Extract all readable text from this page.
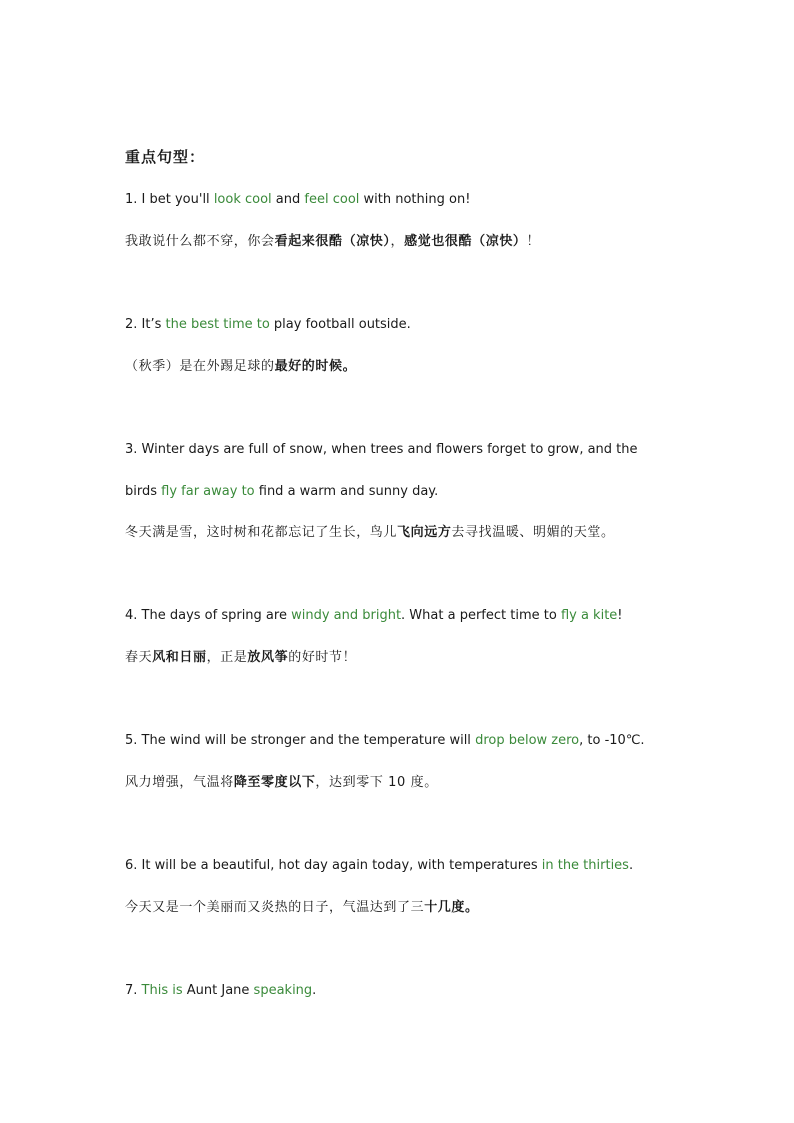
重点句型：
1. I bet you'll look cool and feel cool with nothing on!
我敢说什么都不穿，你会看起来很酷（凉快），感觉也很酷（凉快）！
2. It’s the best time to play football outside.
（秋季）是在外踢足球的最好的时候。
3. Winter days are full of snow, when trees and flowers forget to grow, and the
birds fly far away to find a warm and sunny day.
冬天满是雪，这时树和花都忘记了生长，鸟儿飞向远方去寻找温暖、明媚的天堂。
4. The days of spring are windy and bright. What a perfect time to fly a kite!
春天风和日丽，正是放风筝的好时节！
5. The wind will be stronger and the temperature will drop below zero, to -10℃.
风力增强，气温将降至零度以下，达到零下 10 度。
6. It will be a beautiful, hot day again today, with temperatures in the thirties.
今天又是一个美丽而又炎热的日子，气温达到了三十几度。
7. This is Aunt Jane speaking.
